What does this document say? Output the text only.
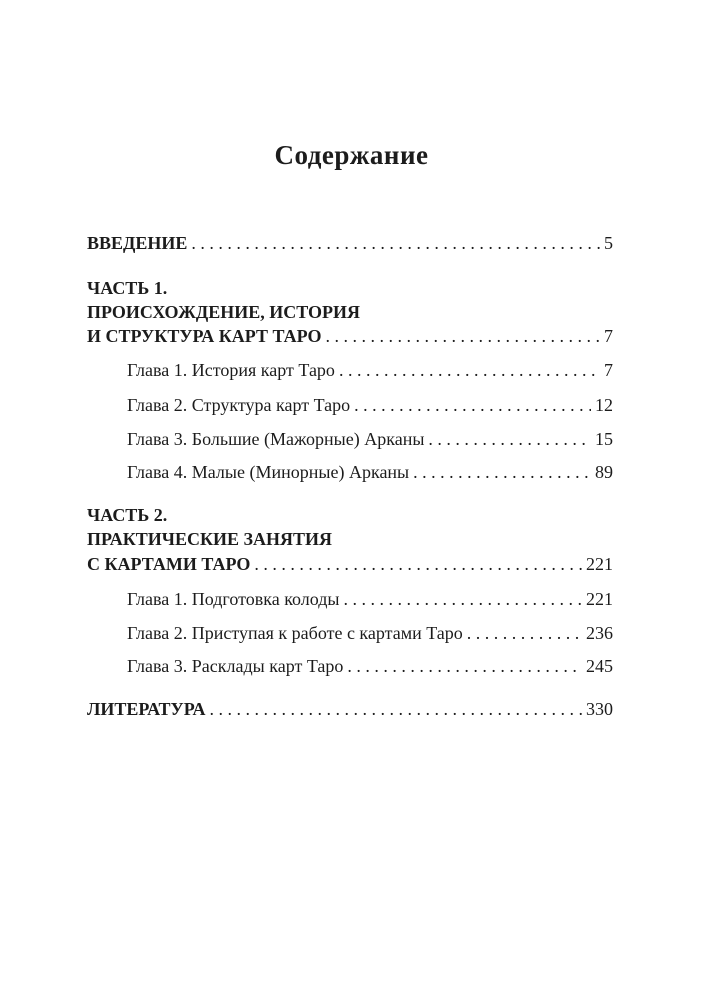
Содержание
ВВЕДЕНИЕ . . .	5
ЧАСТЬ 1.
ПРОИСХОЖДЕНИЕ, ИСТОРИЯ
И СТРУКТУРА КАРТ ТАРО . . .	7
Глава 1. История карт Таро . . .	7
Глава 2. Структура карт Таро . . .	12
Глава 3. Большие (Мажорные) Арканы . . .	15
Глава 4. Малые (Минорные) Арканы . . .	89
ЧАСТЬ 2.
ПРАКТИЧЕСКИЕ ЗАНЯТИЯ
С КАРТАМИ ТАРО . . .	221
Глава 1. Подготовка колоды . . .	221
Глава 2. Приступая к работе с картами Таро . . .	236
Глава 3. Расклады карт Таро . . .	245
ЛИТЕРАТУРА . . .	330
